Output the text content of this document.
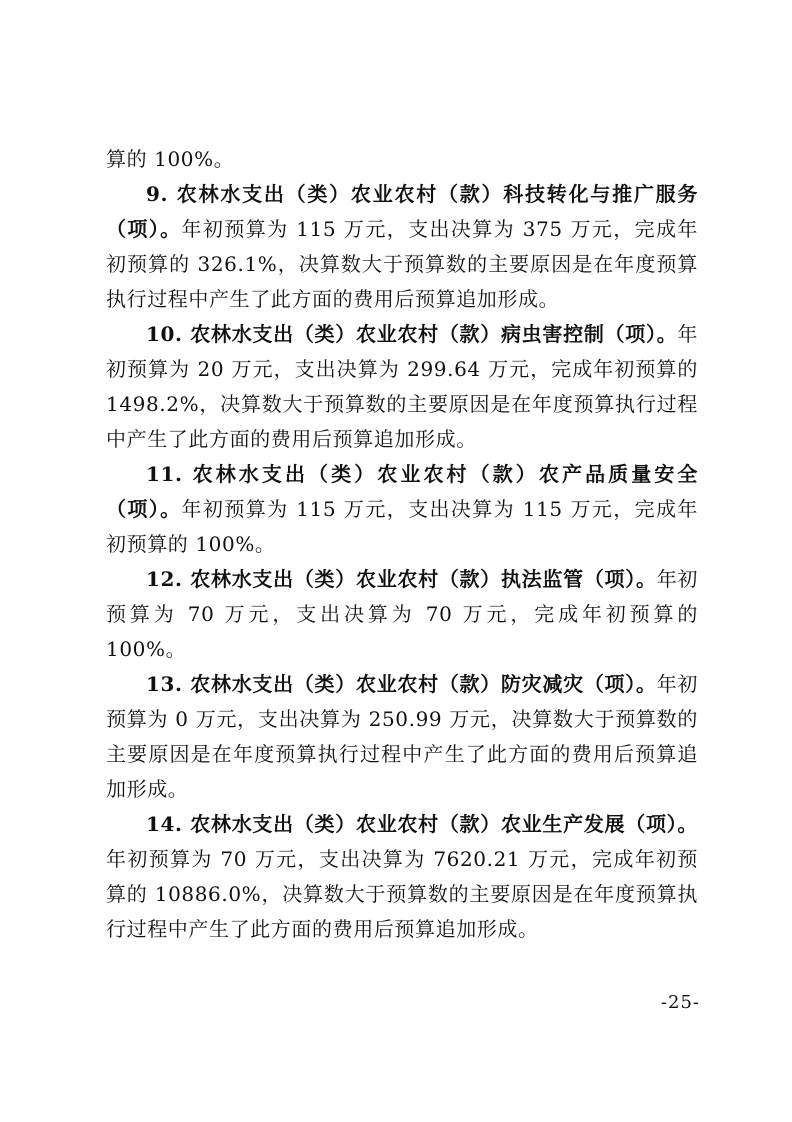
算的 100%。

9. 农林水支出（类）农业农村（款）科技转化与推广服务（项）。年初预算为 115 万元，支出决算为 375 万元，完成年初预算的 326.1%，决算数大于预算数的主要原因是在年度预算执行过程中产生了此方面的费用后预算追加形成。

10. 农林水支出（类）农业农村（款）病虫害控制（项）。年初预算为 20 万元，支出决算为 299.64 万元，完成年初预算的 1498.2%，决算数大于预算数的主要原因是在年度预算执行过程中产生了此方面的费用后预算追加形成。

11. 农林水支出（类）农业农村（款）农产品质量安全（项）。年初预算为 115 万元，支出决算为 115 万元，完成年初预算的 100%。

12. 农林水支出（类）农业农村（款）执法监管（项）。年初预算为 70 万元，支出决算为 70 万元，完成年初预算的 100%。

13. 农林水支出（类）农业农村（款）防灾减灾（项）。年初预算为 0 万元，支出决算为 250.99 万元，决算数大于预算数的主要原因是在年度预算执行过程中产生了此方面的费用后预算追加形成。

14. 农林水支出（类）农业农村（款）农业生产发展（项）。年初预算为 70 万元，支出决算为 7620.21 万元，完成年初预算的 10886.0%，决算数大于预算数的主要原因是在年度预算执行过程中产生了此方面的费用后预算追加形成。

-25-
